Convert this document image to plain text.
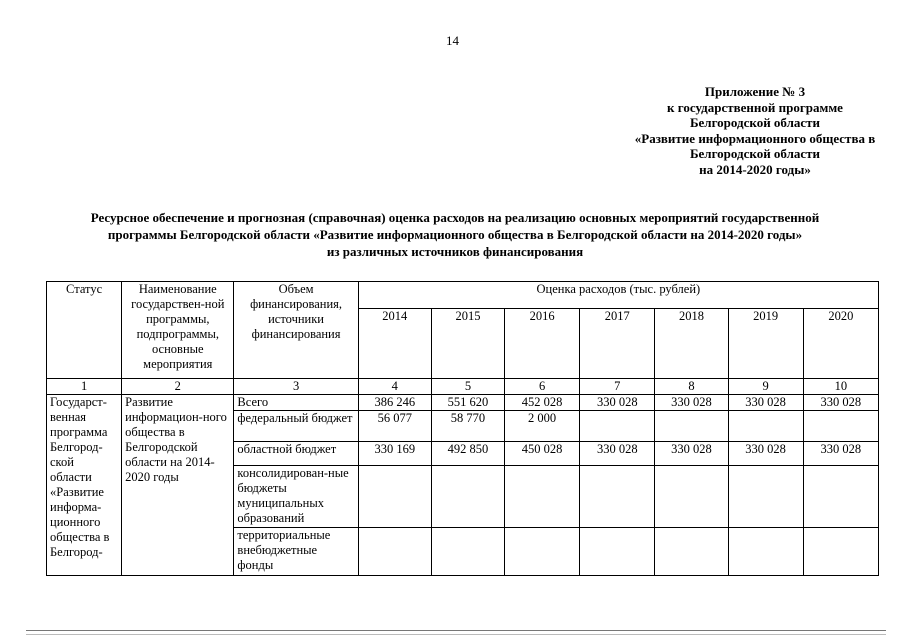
14
Приложение № 3
к государственной программе
Белгородской области
«Развитие информационного общества в
Белгородской области
на 2014-2020 годы»
Ресурсное обеспечение и прогнозная (справочная) оценка расходов на реализацию основных мероприятий государственной
программы Белгородской области «Развитие информационного общества в Белгородской области на 2014-2020 годы»
из различных источников финансирования
Статус	Наименование государствен-ной программы, подпрограммы, основные мероприятия	Объем финансирования, источники финансирования	Оценка расходов (тыс. рублей)						
			2014	2015	2016	2017	2018	2019	2020
1	2	3	4	5	6	7	8	9	10
Государст-венная программа Белгород-ской области «Развитие информа-ционного общества в Белгород-	Развитие информацион-ного общества в Белгородской области на 2014-2020 годы	Всего	386 246	551 620	452 028	330 028	330 028	330 028	330 028
		федеральный бюджет	56 077	58 770	2 000				
		областной бюджет	330 169	492 850	450 028	330 028	330 028	330 028	330 028
		консолидирован-ные бюджеты муниципальных образований							
		территориальные внебюджетные фонды							
